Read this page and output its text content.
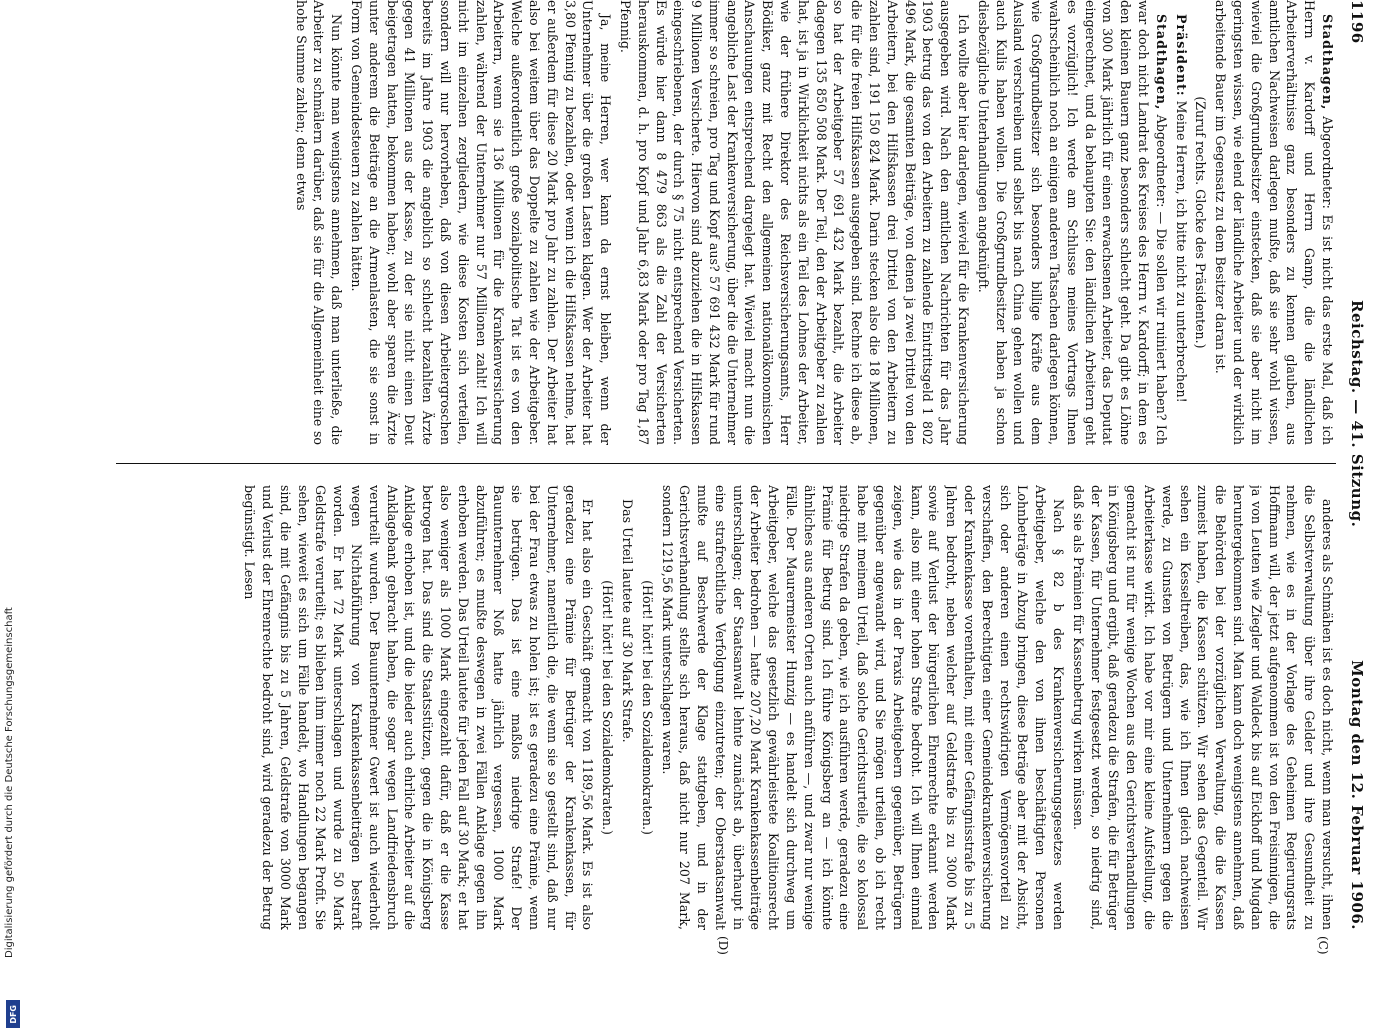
Digitalisierung gefördert durch die Deutsche Forschungsgemeinschaft
DFG
1196
Reichstag. — 41. Sitzung.
Montag den 12. Februar 1906.
(C)
(D)

Stadthagen, Abgeordneter: Es ist nicht das erste Mal, daß ich Herrn v. Kardorff und Herrn Gamp, die die ländlichen Arbeiterverhältnisse ganz besonders zu kennen glauben, aus amtlichen Nachweisen darlegen mußte, daß sie sehr wohl wissen, wieviel die Großgrundbesitzer einstecken, daß sie aber nicht im geringsten wissen, wie elend der ländliche Arbeiter und der wirklich arbeitende Bauer im Gegensatz zu dem Besitzer daran ist.

(Zuruf rechts. Glocke des Präsidenten.)

Präsident: Meine Herren, ich bitte nicht zu unterbrechen!

Stadthagen, Abgeordneter: — Die sollen wir ruiniert haben? Ich war doch nicht Landrat des Kreises des Herrn v. Kardorff; in dem es den kleinen Bauern ganz besonders schlecht geht. Da gibt es Löhne von 300 Mark jährlich für einen erwachsenen Arbeiter, das Deputat eingerechnet, und da behaupten Sie: den ländlichen Arbeitern geht es vorzüglich! Ich werde am Schlusse meines Vortrags Ihnen wahrscheinlich noch an einigen anderen Tatsachen darlegen können, wie Großgrundbesitzer sich besonders billige Kräfte aus dem Ausland verschreiben und selbst bis nach China gehen wollen und auch Kulis haben wollen. Die Großgrundbesitzer haben ja schon diesbezügliche Unterhandlungen angeknüpft.

Ich wollte aber hier darlegen, wieviel für die Krankenversicherung ausgegeben wird. Nach den amtlichen Nachrichten für das Jahr 1903 betrug das von den Arbeitern zu zahlende Eintrittsgeld 1 802 496 Mark, die gesamten Beiträge, von denen ja zwei Drittel von den Arbeitern, bei den Hilfskassen drei Drittel von den Arbeitern zu zahlen sind, 191 150 824 Mark. Darin stecken also die 18 Millionen, die für die freien Hilfskassen ausgegeben sind. Rechne ich diese ab, so hat der Arbeitgeber 57 691 432 Mark bezahlt, die Arbeiter dagegen 135 850 508 Mark. Der Teil, den der Arbeitgeber zu zahlen hat, ist ja in Wirklichkeit nichts als ein Teil des Lohnes der Arbeiter, wie der frühere Direktor des Reichsversicherungsamts, Herr Bödiker, ganz mit Recht den allgemeinen nationalökonomischen Anschauungen entsprechend dargelegt hat. Wieviel macht nun die angebliche Last der Krankenversicherung, über die die Unternehmer immer so schreien, pro Tag und Kopf aus? 57 691 432 Mark für rund 9 Millionen Versicherte. Hiervon sind abzuziehen die in Hilfskassen eingeschriebenen, der durch § 75 nicht entsprechend Versicherten. Es würde hier dann 8 479 863 als die Zahl der Versicherten herauskommen, d. h. pro Kopf und Jahr 6,83 Mark oder pro Tag 1,87 Pfennig.

Ja, meine Herren, wer kann da ernst bleiben, wenn der Unternehmer über die großen Lasten klagen. Wer der Arbeiter hat 3,80 Pfennig zu bezahlen, oder wenn ich die Hilfskassen nehme, hat er außerdem für diese 20 Mark pro Jahr zu zahlen. Der Arbeiter hat also bei weitem über das Doppelte zu zahlen wie der Arbeitgeber. Welche außerordentlich große sozialpolitische Tat ist es von den Arbeitern, wenn sie 136 Millionen für die Krankenversicherung zahlen, während der Unternehmer nur 57 Millionen zahlt! Ich will nicht im einzelnen zergliedern, wie diese Kosten sich verteilen, sondern will nur hervorheben, daß von diesen Arbeitergroschen bereits im Jahre 1903 die angeblich so schlecht bezahlten Ärzte gegen 41 Millionen aus der Kasse, zu der sie nicht einen Deut beigetragen hatten, bekommen haben; wohl aber sparen die Ärzte unter anderem die Beiträge an die Armenlasten, die sie sonst in Form von Gemeindesteuern zu zahlen hätten.

Nun könnte man wenigstens annehmen, daß man unterließe, die Arbeiter zu schmälern darüber, daß sie für die Allgemeinheit eine so hohe Summe zahlen; denn etwas

anderes als Schmähen ist es doch nicht, wenn man versucht, ihnen die Selbstverwaltung über ihre Gelder und ihre Gesundheit zu nehmen, wie es in der Vorlage des Geheimen Regierungsrats Hoffmann will, der jetzt aufgenommen ist von den Freisinnigen, die ja von Leuten wie Ziegler und Waldeck bis auf Eickhoff und Mugdan heruntergekommen sind. Man kann doch wenigstens annehmen, daß die Behörden bei der vorzüglichen Verwaltung, die die Kassen zumeist haben, die Kassen schützen. Wir sehen das Gegenteil. Wir sehen ein Kesseltreiben, das, wie ich Ihnen gleich nachweisen werde, zu Gunsten von Betrügern und Unternehmern gegen die Arbeiterkasse wirkt. Ich habe vor mir eine kleine Aufstellung, die gemacht ist nur für wenige Wochen aus den Gerichtsverhandlungen in Königsberg und ergibt, daß geradezu die Strafen, die für Betrüger der Kassen, für Unternehmer festgesetzt werden, so niedrig sind, daß sie als Prämien für Kassenbetrug wirken müssen.

Nach § 82 b des Krankenversicherungsgesetzes werden Arbeitgeber, welche den von ihnen beschäftigten Personen Lohnbeträge in Abzug bringen, diese Beträge aber mit der Absicht, sich oder anderen einen rechtswidrigen Vermögensvorteil zu verschaffen, den Berechtigten einer Gemeindekrankenversicherung oder Krankenkasse vorenthalten, mit einer Gefängnisstrafe bis zu 5 Jahren bedroht, neben welcher auf Geldstrafe bis zu 3000 Mark sowie auf Verlust der bürgerlichen Ehrenrechte erkannt werden kann, also mit einer hohen Strafe bedroht. Ich will Ihnen einmal zeigen, wie das in der Praxis Arbeitgebern gegenüber, Betrügern gegenüber angewandt wird, und Sie mögen urteilen, ob ich recht habe mit meinem Urteil, daß solche Gerichtsurteile, die so kolossal niedrige Strafen da geben, wie ich ausführen werde, geradezu eine Prämie für Betrug sind. Ich führe Königsberg an — ich könnte ähnliches aus anderen Orten auch anführen —, und zwar nur wenige Fälle. Der Maurermeister Hunzig — es handelt sich durchweg um Arbeitgeber, welche das gesetzlich gewährleistete Koalitionsrecht der Arbeiter bedrohen — hatte 207,20 Mark Krankenkassenbeiträge unterschlagen; der Staatsanwalt lehnte zunächst ab, überhaupt in eine strafrechtliche Verfolgung einzutreten; der Oberstaatsanwalt mußte auf Beschwerde der Klage stattgeben, und in der Gerichtsverhandlung stellte sich heraus, daß nicht nur 207 Mark, sondern 1219,56 Mark unterschlagen waren.

(Hört! hört! bei den Sozialdemokraten.)

Das Urteil lautete auf 30 Mark Strafe.

(Hört! hört! bei den Sozialdemokraten.)

Er hat also ein Geschäft gemacht von 1189,56 Mark. Es ist also geradezu eine Prämie für Betrüger der Krankenkassen, für Unternehmer, namentlich die, die wenn sie so gestellt sind, daß nur bei der Frau etwas zu holen ist; ist es geradezu eine Prämie, wenn sie betrügen. Das ist eine maßlos niedrige Strafe! Der Bauunternehmer Noß hatte jährlich vergessen, 1000 Mark abzuführen; es mußte deswegen in zwei Fällen Anklage gegen ihn erhoben werden. Das Urteil lautete für jeden Fall auf 30 Mark; er hat also weniger als 1000 Mark eingezahlt dafür, daß er die Kasse betrogen hat. Das sind die Staatsstützen, gegen die in Königsberg Anklage erhoben ist, und die bieder auch ehrliche Arbeiter auf die Anklagebank gebracht haben, die sogar wegen Landfriedensbruch verurteilt wurden. Der Bauunternehmer Gwert ist auch wiederholt wegen Nichtabführung von Krankenkassenbeiträgen bestraft worden. Er hat 72 Mark unterschlagen und wurde zu 50 Mark Geldstrafe verurteilt; es blieben ihm immer noch 22 Mark Profit. Sie sehen, wieweit es sich um Fälle handelt, wo Handlungen begangen sind, die mit Gefängnis bis zu 5 Jahren, Geldstrafe von 3000 Mark und Verlust der Ehrenrechte bedroht sind, wird geradezu der Betrug begünstigt. Lesen
